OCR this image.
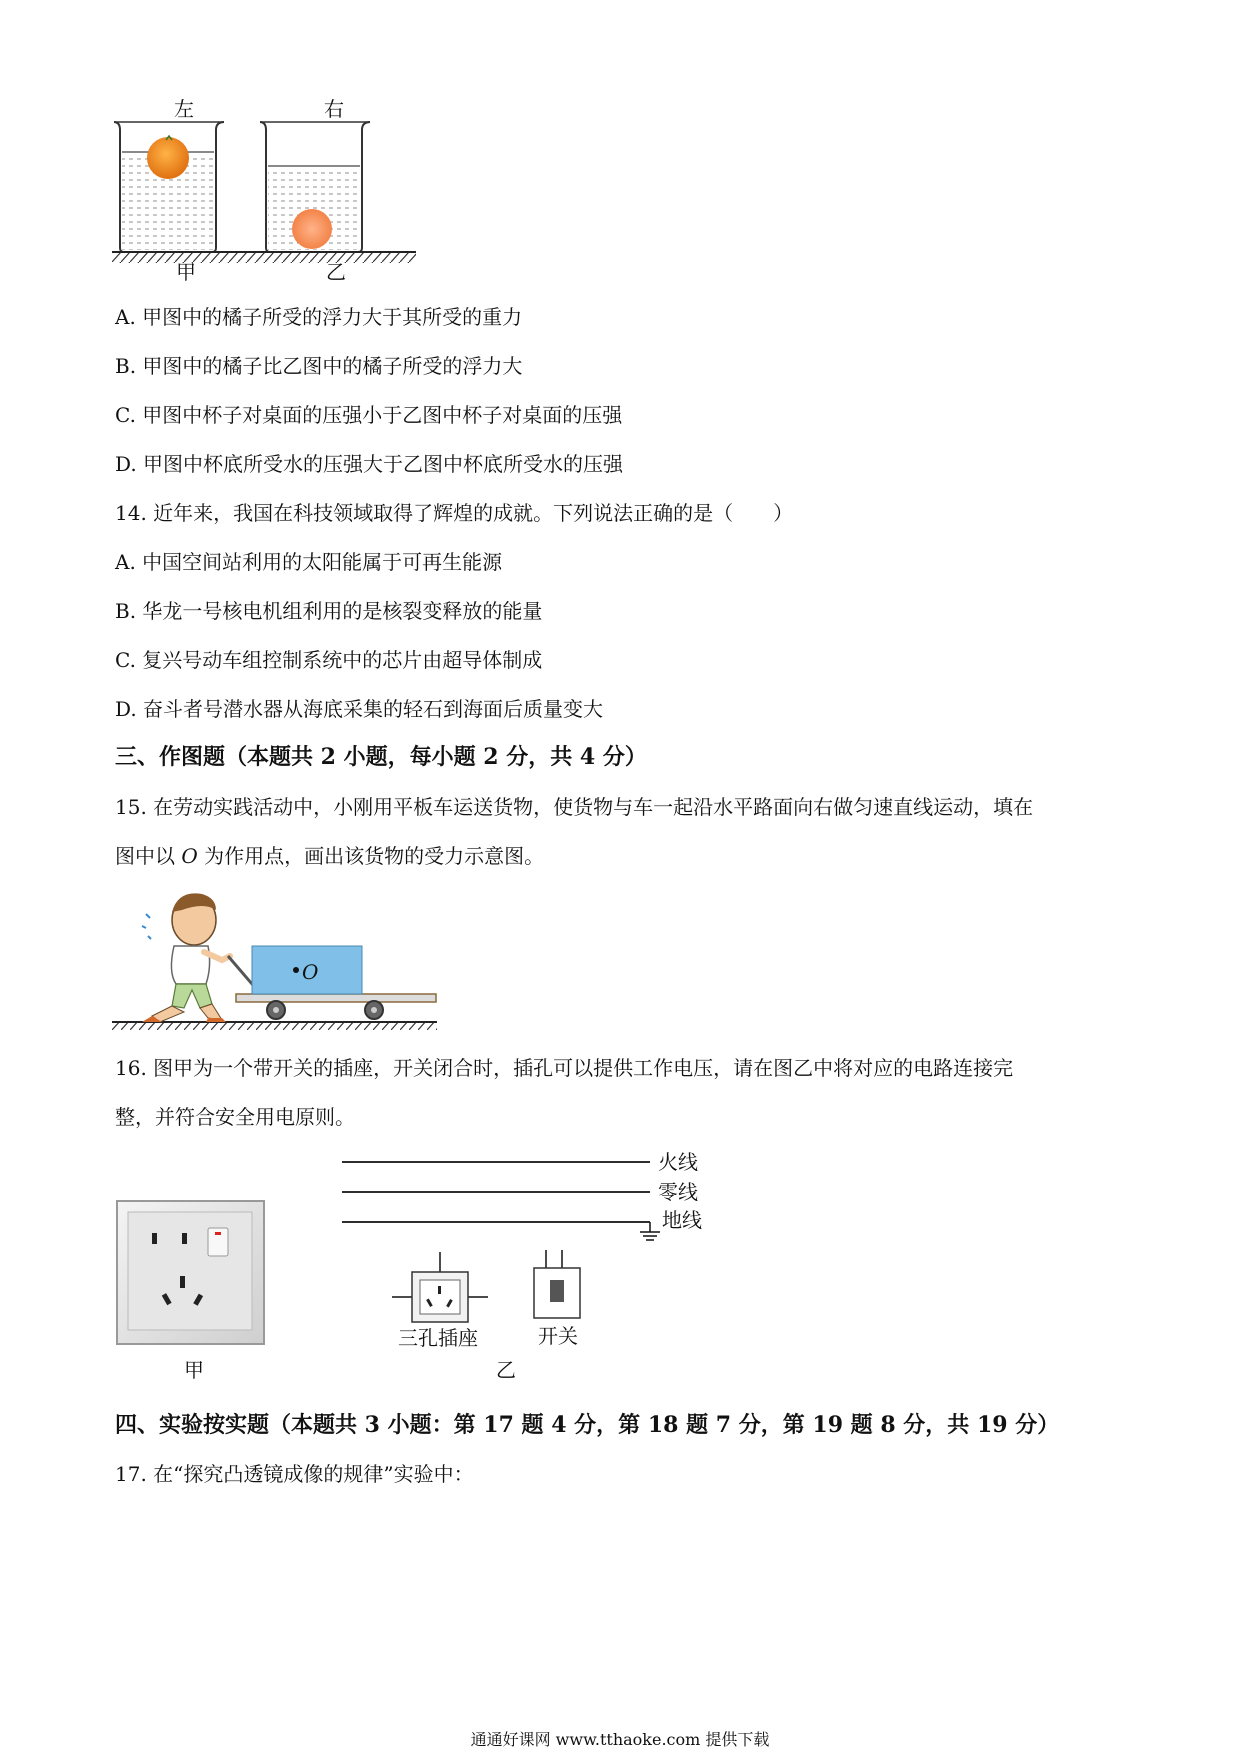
左	右
甲	乙
A. 甲图中的橘子所受的浮力大于其所受的重力
B. 甲图中的橘子比乙图中的橘子所受的浮力大
C. 甲图中杯子对桌面的压强小于乙图中杯子对桌面的压强
D. 甲图中杯底所受水的压强大于乙图中杯底所受水的压强
14. 近年来，我国在科技领域取得了辉煌的成就。下列说法正确的是（　　）
A. 中国空间站利用的太阳能属于可再生能源
B. 华龙一号核电机组利用的是核裂变释放的能量
C. 复兴号动车组控制系统中的芯片由超导体制成
D. 奋斗者号潜水器从海底采集的轻石到海面后质量变大
三、作图题（本题共 2 小题，每小题 2 分，共 4 分）
15. 在劳动实践活动中，小刚用平板车运送货物，使货物与车一起沿水平路面向右做匀速直线运动，填在
图中以 O 为作用点，画出该货物的受力示意图。
O
16. 图甲为一个带开关的插座，开关闭合时，插孔可以提供工作电压，请在图乙中将对应的电路连接完
整，并符合安全用电原则。
甲
火线
零线
地线
三孔插座	开关
乙
四、实验按实题（本题共 3 小题：第 17 题 4 分，第 18 题 7 分，第 19 题 8 分，共 19 分）
17. 在“探究凸透镜成像的规律”实验中：
通通好课网 www.tthaoke.com 提供下载
